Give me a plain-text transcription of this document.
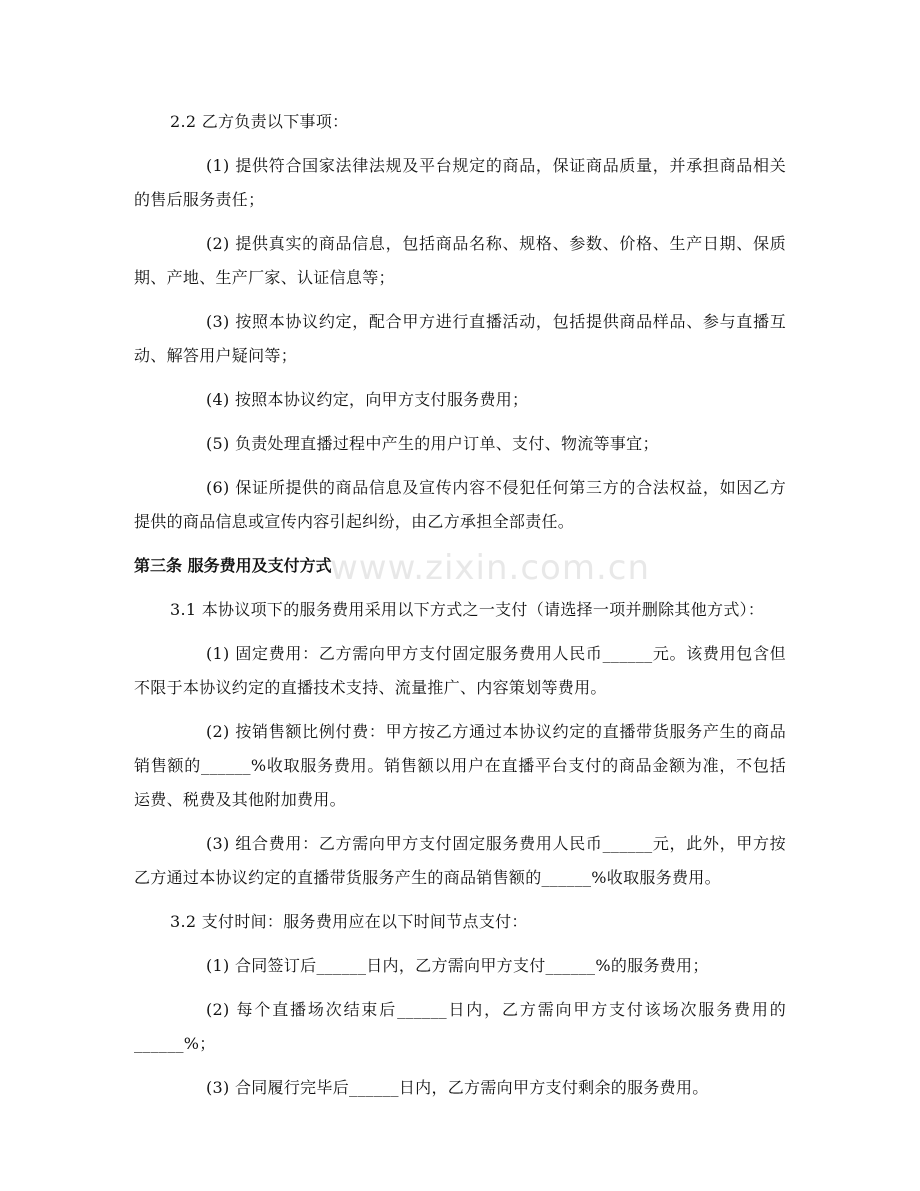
2.2 乙方负责以下事项：

(1) 提供符合国家法律法规及平台规定的商品，保证商品质量，并承担商品相关的售后服务责任；

(2) 提供真实的商品信息，包括商品名称、规格、参数、价格、生产日期、保质期、产地、生产厂家、认证信息等；

(3) 按照本协议约定，配合甲方进行直播活动，包括提供商品样品、参与直播互动、解答用户疑问等；

(4) 按照本协议约定，向甲方支付服务费用；

(5) 负责处理直播过程中产生的用户订单、支付、物流等事宜；

(6) 保证所提供的商品信息及宣传内容不侵犯任何第三方的合法权益，如因乙方提供的商品信息或宣传内容引起纠纷，由乙方承担全部责任。

第三条 服务费用及支付方式

3.1 本协议项下的服务费用采用以下方式之一支付（请选择一项并删除其他方式）：

(1) 固定费用：乙方需向甲方支付固定服务费用人民币______元。该费用包含但不限于本协议约定的直播技术支持、流量推广、内容策划等费用。

(2) 按销售额比例付费：甲方按乙方通过本协议约定的直播带货服务产生的商品销售额的______%收取服务费用。销售额以用户在直播平台支付的商品金额为准，不包括运费、税费及其他附加费用。

(3) 组合费用：乙方需向甲方支付固定服务费用人民币______元，此外，甲方按乙方通过本协议约定的直播带货服务产生的商品销售额的______%收取服务费用。

3.2 支付时间：服务费用应在以下时间节点支付：

(1) 合同签订后______日内，乙方需向甲方支付______%的服务费用；

(2) 每个直播场次结束后______日内，乙方需向甲方支付该场次服务费用的______%；

(3) 合同履行完毕后______日内，乙方需向甲方支付剩余的服务费用。

www.zixin.com.cn
